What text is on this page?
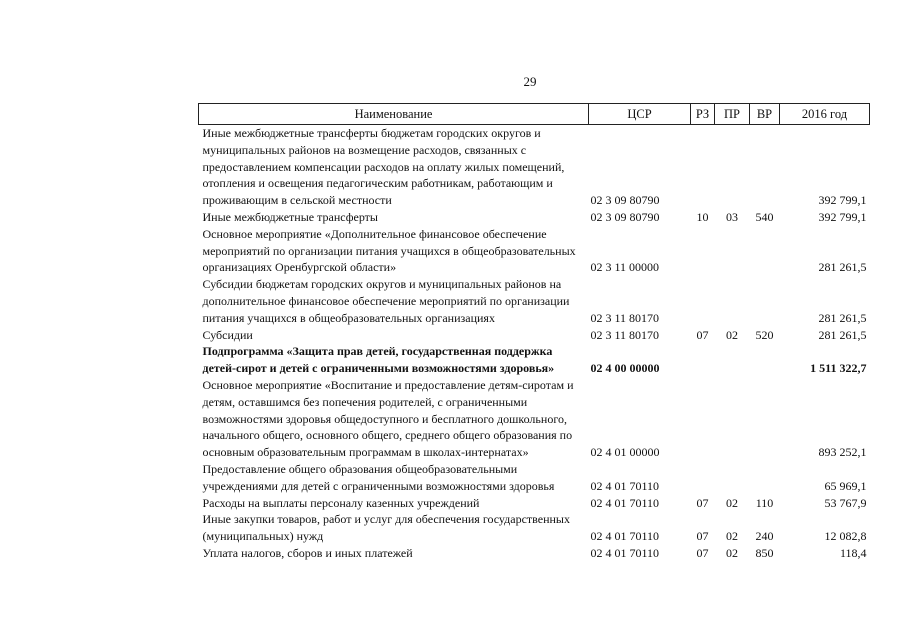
29
Наименование	ЦСР	РЗ	ПР	ВР	2016 год
Иные межбюджетные трансферты бюджетам городских округов и муниципальных районов на возмещение расходов, связанных с предоставлением компенсации расходов на оплату жилых помещений, отопления и освещения педагогическим работникам, работающим и проживающим в сельской местности	02 3 09 80790				392 799,1
Иные межбюджетные трансферты	02 3 09 80790	10	03	540	392 799,1
Основное мероприятие «Дополнительное финансовое обеспечение мероприятий по организации питания учащихся в общеобразовательных организациях Оренбургской области»	02 3 11 00000				281 261,5
Субсидии бюджетам городских округов и муниципальных районов на дополнительное финансовое обеспечение мероприятий по организации питания учащихся в общеобразовательных организациях	02 3 11 80170				281 261,5
Субсидии	02 3 11 80170	07	02	520	281 261,5
Подпрограмма «Защита прав детей, государственная поддержка детей-сирот и детей с ограниченными возможностями здоровья»	02 4 00 00000				1 511 322,7
Основное мероприятие «Воспитание и предоставление детям-сиротам и детям, оставшимся без попечения родителей, с ограниченными возможностями здоровья общедоступного и бесплатного дошкольного, начального общего, основного общего, среднего общего образования по основным образовательным программам в школах-интернатах»	02 4 01 00000				893 252,1
Предоставление общего образования общеобразовательными учреждениями для детей с ограниченными возможностями здоровья	02 4 01 70110				65 969,1
Расходы на выплаты персоналу казенных учреждений	02 4 01 70110	07	02	110	53 767,9
Иные закупки товаров, работ и услуг для обеспечения государственных (муниципальных) нужд	02 4 01 70110	07	02	240	12 082,8
Уплата налогов, сборов и иных платежей	02 4 01 70110	07	02	850	118,4
